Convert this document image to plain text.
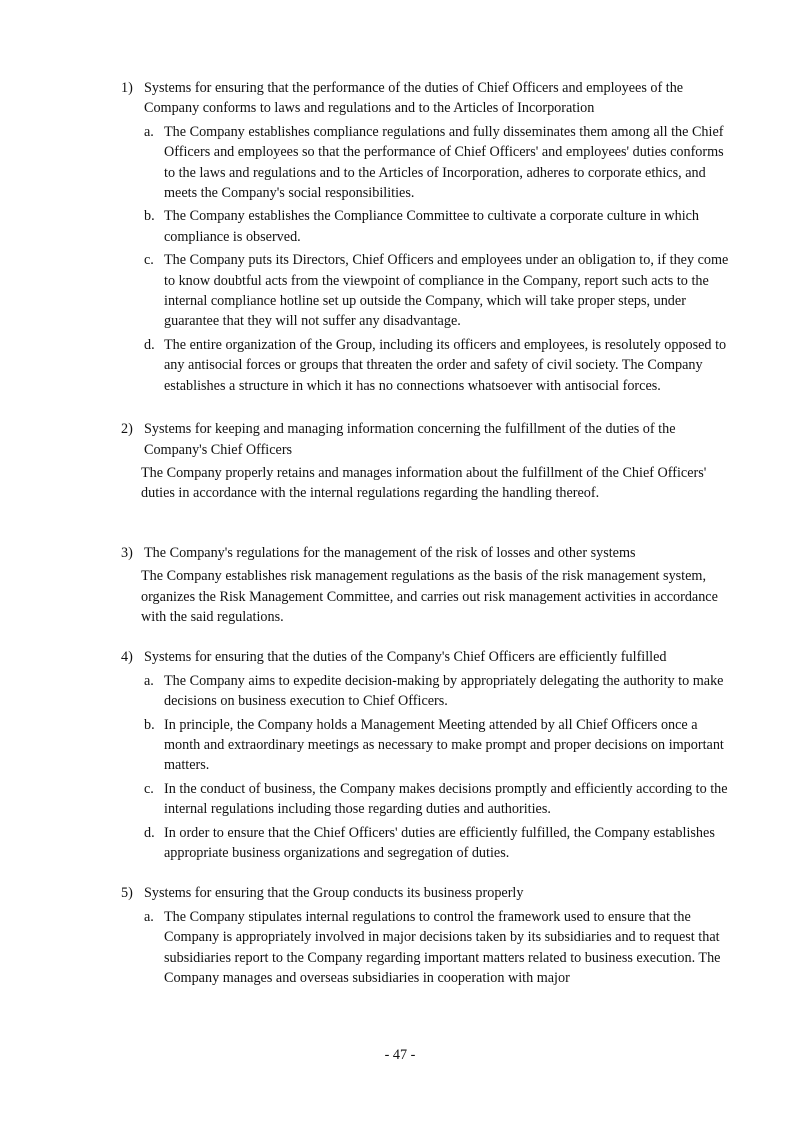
1) Systems for ensuring that the performance of the duties of Chief Officers and employees of the Company conforms to laws and regulations and to the Articles of Incorporation
a. The Company establishes compliance regulations and fully disseminates them among all the Chief Officers and employees so that the performance of Chief Officers' and employees' duties conforms to the laws and regulations and to the Articles of Incorporation, adheres to corporate ethics, and meets the Company's social responsibilities.
b. The Company establishes the Compliance Committee to cultivate a corporate culture in which compliance is observed.
c. The Company puts its Directors, Chief Officers and employees under an obligation to, if they come to know doubtful acts from the viewpoint of compliance in the Company, report such acts to the internal compliance hotline set up outside the Company, which will take proper steps, under guarantee that they will not suffer any disadvantage.
d. The entire organization of the Group, including its officers and employees, is resolutely opposed to any antisocial forces or groups that threaten the order and safety of civil society. The Company establishes a structure in which it has no connections whatsoever with antisocial forces.
2) Systems for keeping and managing information concerning the fulfillment of the duties of the Company's Chief Officers
The Company properly retains and manages information about the fulfillment of the Chief Officers' duties in accordance with the internal regulations regarding the handling thereof.
3) The Company's regulations for the management of the risk of losses and other systems
The Company establishes risk management regulations as the basis of the risk management system, organizes the Risk Management Committee, and carries out risk management activities in accordance with the said regulations.
4) Systems for ensuring that the duties of the Company's Chief Officers are efficiently fulfilled
a. The Company aims to expedite decision-making by appropriately delegating the authority to make decisions on business execution to Chief Officers.
b. In principle, the Company holds a Management Meeting attended by all Chief Officers once a month and extraordinary meetings as necessary to make prompt and proper decisions on important matters.
c. In the conduct of business, the Company makes decisions promptly and efficiently according to the internal regulations including those regarding duties and authorities.
d. In order to ensure that the Chief Officers' duties are efficiently fulfilled, the Company establishes appropriate business organizations and segregation of duties.
5) Systems for ensuring that the Group conducts its business properly
a. The Company stipulates internal regulations to control the framework used to ensure that the Company is appropriately involved in major decisions taken by its subsidiaries and to request that subsidiaries report to the Company regarding important matters related to business execution. The Company manages and overseas subsidiaries in cooperation with major
- 47 -
